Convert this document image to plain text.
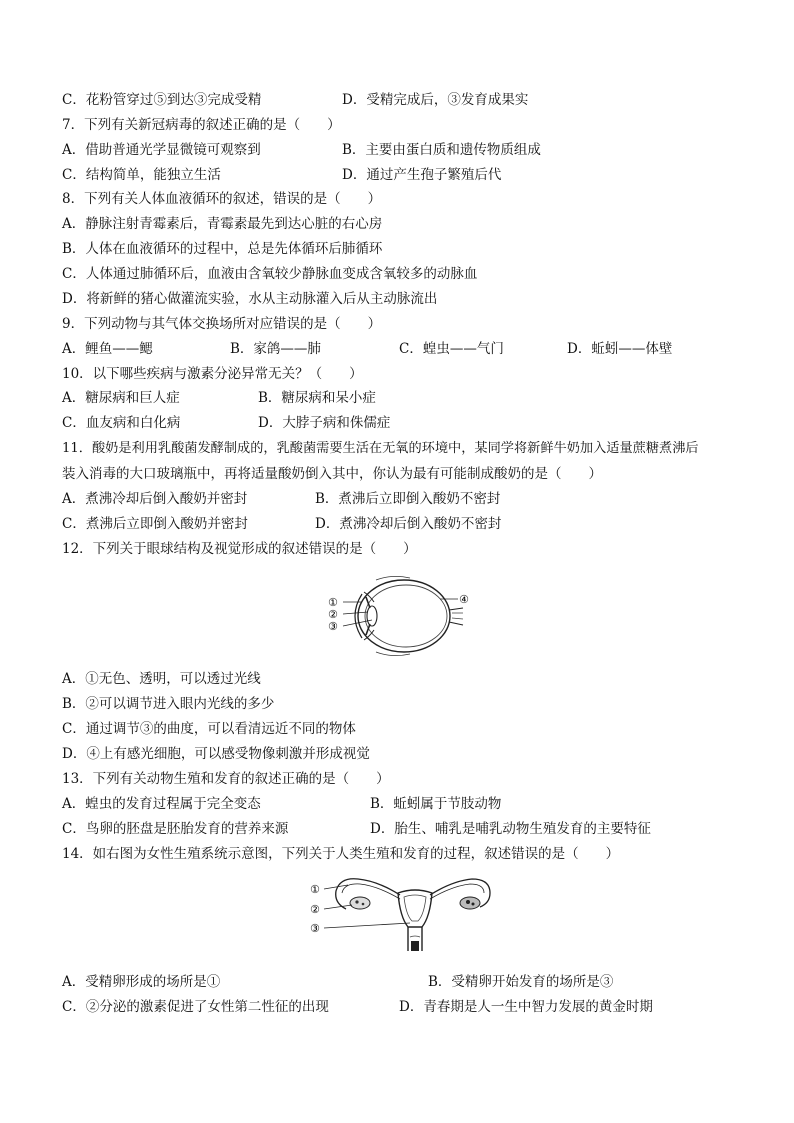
C．花粉管穿过⑤到达③完成受精	D．受精完成后，③发育成果实
7．下列有关新冠病毒的叙述正确的是（　　）
A．借助普通光学显微镜可观察到	B．主要由蛋白质和遗传物质组成
C．结构简单，能独立生活	D．通过产生孢子繁殖后代
8．下列有关人体血液循环的叙述，错误的是（　　）
A．静脉注射青霉素后，青霉素最先到达心脏的右心房
B．人体在血液循环的过程中，总是先体循环后肺循环
C．人体通过肺循环后，血液由含氧较少静脉血变成含氧较多的动脉血
D．将新鲜的猪心做灌流实验，水从主动脉灌入后从主动脉流出
9．下列动物与其气体交换场所对应错误的是（　　）
A．鲤鱼——鳃	B．家鸽——肺	C．蝗虫——气门	D．蚯蚓——体壁
10．以下哪些疾病与激素分泌异常无关？（　　）
A．糖尿病和巨人症	B．糖尿病和呆小症
C．血友病和白化病	D．大脖子病和侏儒症
11．酸奶是利用乳酸菌发酵制成的，乳酸菌需要生活在无氧的环境中，某同学将新鲜牛奶加入适量蔗糖煮沸后
装入消毒的大口玻璃瓶中，再将适量酸奶倒入其中，你认为最有可能制成酸奶的是（　　）
A．煮沸冷却后倒入酸奶并密封	B．煮沸后立即倒入酸奶不密封
C．煮沸后立即倒入酸奶并密封	D．煮沸冷却后倒入酸奶不密封
12．下列关于眼球结构及视觉形成的叙述错误的是（　　）
①
②
③
④
A．①无色、透明，可以透过光线
B．②可以调节进入眼内光线的多少
C．通过调节③的曲度，可以看清远近不同的物体
D．④上有感光细胞，可以感受物像刺激并形成视觉
13．下列有关动物生殖和发育的叙述正确的是（　　）
A．蝗虫的发育过程属于完全变态	B．蚯蚓属于节肢动物
C．鸟卵的胚盘是胚胎发育的营养来源	D．胎生、哺乳是哺乳动物生殖发育的主要特征
14．如右图为女性生殖系统示意图，下列关于人类生殖和发育的过程，叙述错误的是（　　）
①
②
③
A．受精卵形成的场所是①	B．受精卵开始发育的场所是③
C．②分泌的激素促进了女性第二性征的出现	D．青春期是人一生中智力发展的黄金时期
